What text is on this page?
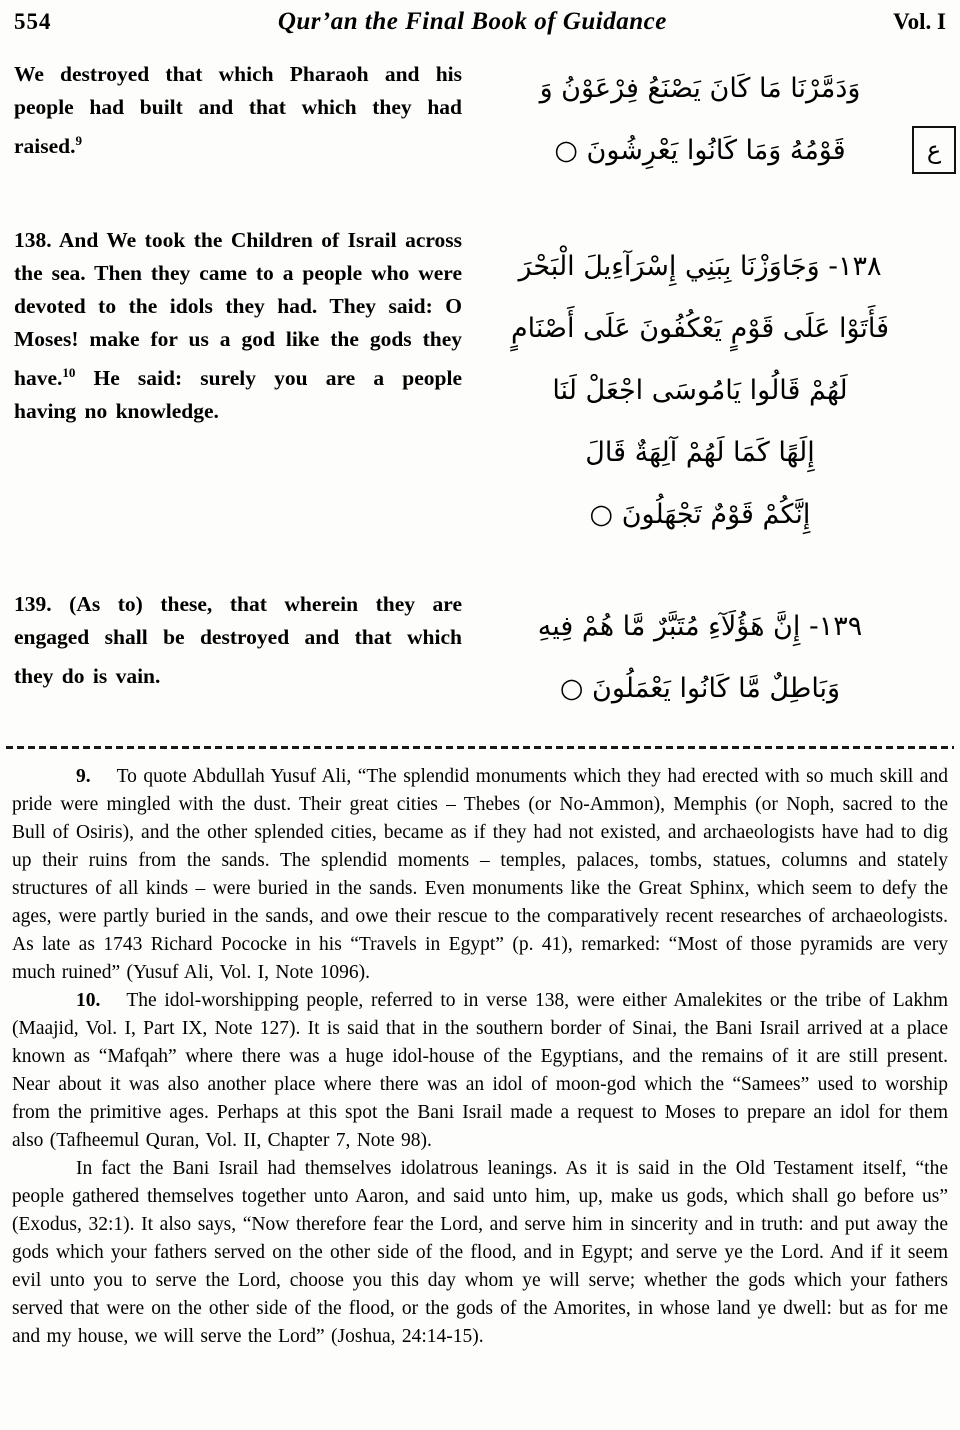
554	Qur’an the Final Book of Guidance	Vol. I

We destroyed that which Pharaoh and his people had built and that which they had raised.$^9$

وَدَمَّرْنَا مَا كَانَ يَصْنَعُ فِرْعَوْنُ وَ
قَوْمُهُ وَمَا كَانُوا يَعْرِشُونَ ○

138. And We took the Children of Israil across the sea. Then they came to a people who were devoted to the idols they had. They said: O Moses! make for us a god like the gods they have.$^{10}$ He said: surely you are a people having no knowledge.

١٣٨- وَجَاوَزْنَا بِبَنِي إِسْرَآءِيلَ الْبَحْرَ
فَأَتَوْا عَلَى قَوْمٍ يَعْكُفُونَ عَلَى أَصْنَامٍ
لَهُمْ قَالُوا يَامُوسَى اجْعَلْ لَنَا
إِلَهًا كَمَا لَهُمْ آلِهَةٌ قَالَ
إِنَّكُمْ قَوْمٌ تَجْهَلُونَ ○

139. (As to) these, that wherein they are engaged shall be destroyed and that which they do is vain.

١٣٩- إِنَّ هَؤُلَآءِ مُتَبَّرٌ مَّا هُمْ فِيهِ
وَبَاطِلٌ مَّا كَانُوا يَعْمَلُونَ ○
ع

9. To quote Abdullah Yusuf Ali, “The splendid monuments which they had erected with so much skill and pride were mingled with the dust. Their great cities – Thebes (or No-Ammon), Memphis (or Noph, sacred to the Bull of Osiris), and the other splended cities, became as if they had not existed, and archaeologists have had to dig up their ruins from the sands. The splendid moments – temples, palaces, tombs, statues, columns and stately structures of all kinds – were buried in the sands. Even monuments like the Great Sphinx, which seem to defy the ages, were partly buried in the sands, and owe their rescue to the comparatively recent researches of archaeologists. As late as 1743 Richard Pococke in his “Travels in Egypt” (p. 41), remarked: “Most of those pyramids are very much ruined” (Yusuf Ali, Vol. I, Note 1096).

10. The idol-worshipping people, referred to in verse 138, were either Amalekites or the tribe of Lakhm (Maajid, Vol. I, Part IX, Note 127). It is said that in the southern border of Sinai, the Bani Israil arrived at a place known as “Mafqah” where there was a huge idol-house of the Egyptians, and the remains of it are still present. Near about it was also another place where there was an idol of moon-god which the “Samees” used to worship from the primitive ages. Perhaps at this spot the Bani Israil made a request to Moses to prepare an idol for them also (Tafheemul Quran, Vol. II, Chapter 7, Note 98).

In fact the Bani Israil had themselves idolatrous leanings. As it is said in the Old Testament itself, “the people gathered themselves together unto Aaron, and said unto him, up, make us gods, which shall go before us” (Exodus, 32:1). It also says, “Now therefore fear the Lord, and serve him in sincerity and in truth: and put away the gods which your fathers served on the other side of the flood, and in Egypt; and serve ye the Lord. And if it seem evil unto you to serve the Lord, choose you this day whom ye will serve; whether the gods which your fathers served that were on the other side of the flood, or the gods of the Amorites, in whose land ye dwell: but as for me and my house, we will serve the Lord” (Joshua, 24:14-15).
